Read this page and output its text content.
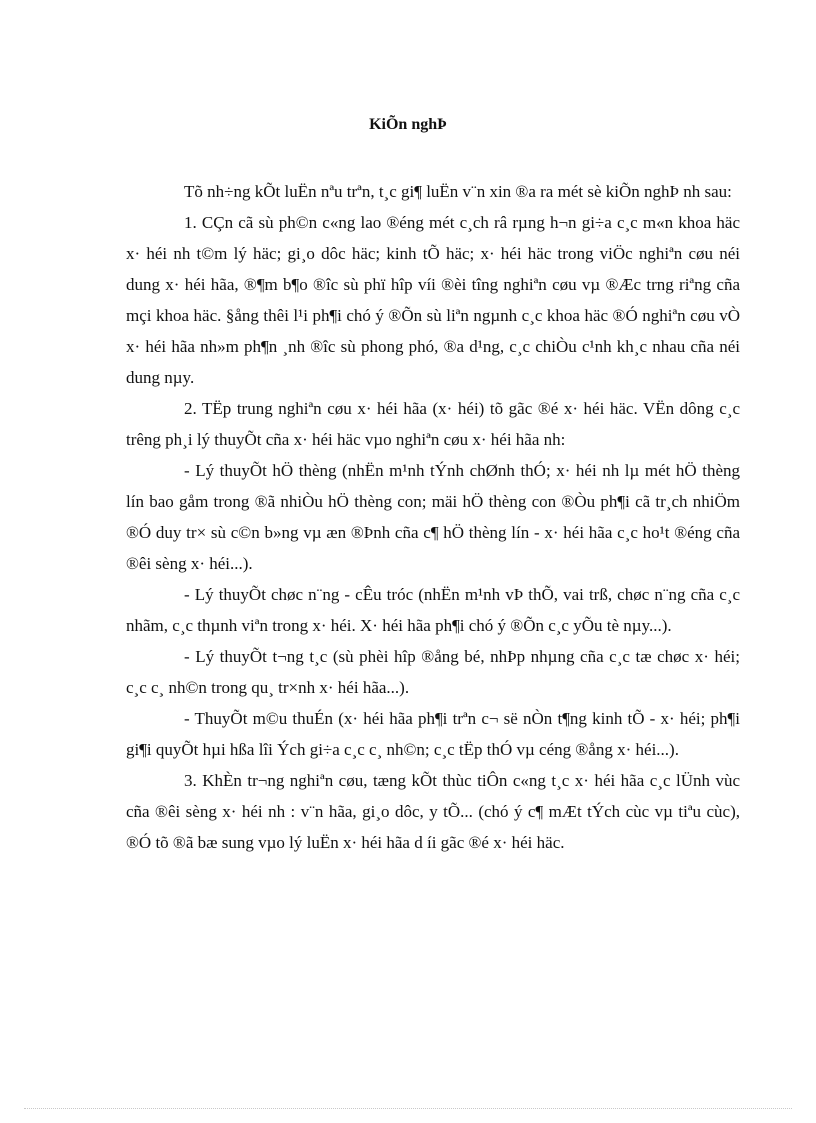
KiÕn nghÞ

Tõ nh÷ng kÕt luËn nªu trªn, t¸c gi¶ luËn v¨n xin ®a ra mét sè kiÕn nghÞ nh sau:

1. CÇn cã sù ph©n c«ng lao ®éng mét c¸ch râ rµng h¬n gi÷a c¸c m«n khoa häc x· héi nh t©m lý häc; gi¸o dôc häc; kinh tÕ häc; x· héi häc trong viÖc nghiªn cøu néi dung x· héi hãa, ®¶m b¶o ®îc sù phï hîp víi ®èi tîng nghiªn cøu vµ ®Æc trng riªng cña mçi khoa häc. §ång thêi l¹i ph¶i chó ý ®Õn sù liªn ngµnh c¸c khoa häc ®Ó nghiªn cøu vÒ x· héi hãa nh»m ph¶n ¸nh ®îc sù phong phó, ®a d¹ng, c¸c chiÒu c¹nh kh¸c nhau cña néi dung nµy.

2. TËp trung nghiªn cøu x· héi hãa (x· héi) tõ gãc ®é x· héi häc. VËn dông c¸c trêng ph¸i lý thuyÕt cña x· héi häc vµo nghiªn cøu x· héi hãa nh:

- Lý thuyÕt hÖ thèng (nhËn m¹nh tÝnh chØnh thÓ; x· héi nh lµ mét hÖ thèng lín bao gåm trong ®ã nhiÒu hÖ thèng con; mäi hÖ thèng con ®Òu ph¶i cã tr¸ch nhiÖm ®Ó duy tr× sù c©n b»ng vµ æn ®Þnh cña c¶ hÖ thèng lín - x· héi hãa c¸c ho¹t ®éng cña ®êi sèng x· héi...).

- Lý thuyÕt chøc n¨ng - cÊu tróc (nhËn m¹nh vÞ thÕ, vai trß, chøc n¨ng cña c¸c nhãm, c¸c thµnh viªn trong x· héi. X· héi hãa ph¶i chó ý ®Õn c¸c yÕu tè nµy...).

- Lý thuyÕt t¬ng t¸c (sù phèi hîp ®ång bé, nhÞp nhµng cña c¸c tæ chøc x· héi; c¸c c¸ nh©n trong qu¸ tr×nh x· héi hãa...).

- ThuyÕt m©u thuÉn (x· héi hãa ph¶i trªn c¬ së nÒn t¶ng kinh tÕ - x· héi; ph¶i gi¶i quyÕt hµi hßa lîi Ých gi÷a c¸c c¸ nh©n; c¸c tËp thÓ vµ céng ®ång x· héi...).

3. KhÈn tr¬ng nghiªn cøu, tæng kÕt thùc tiÔn c«ng t¸c x· héi hãa c¸c lÜnh vùc cña ®êi sèng x· héi nh : v¨n hãa, gi¸o dôc, y tÕ... (chó ý c¶ mÆt tÝch cùc vµ tiªu cùc), ®Ó tõ ®ã bæ sung vµo lý luËn x· héi hãa d íi gãc ®é x· héi häc.
